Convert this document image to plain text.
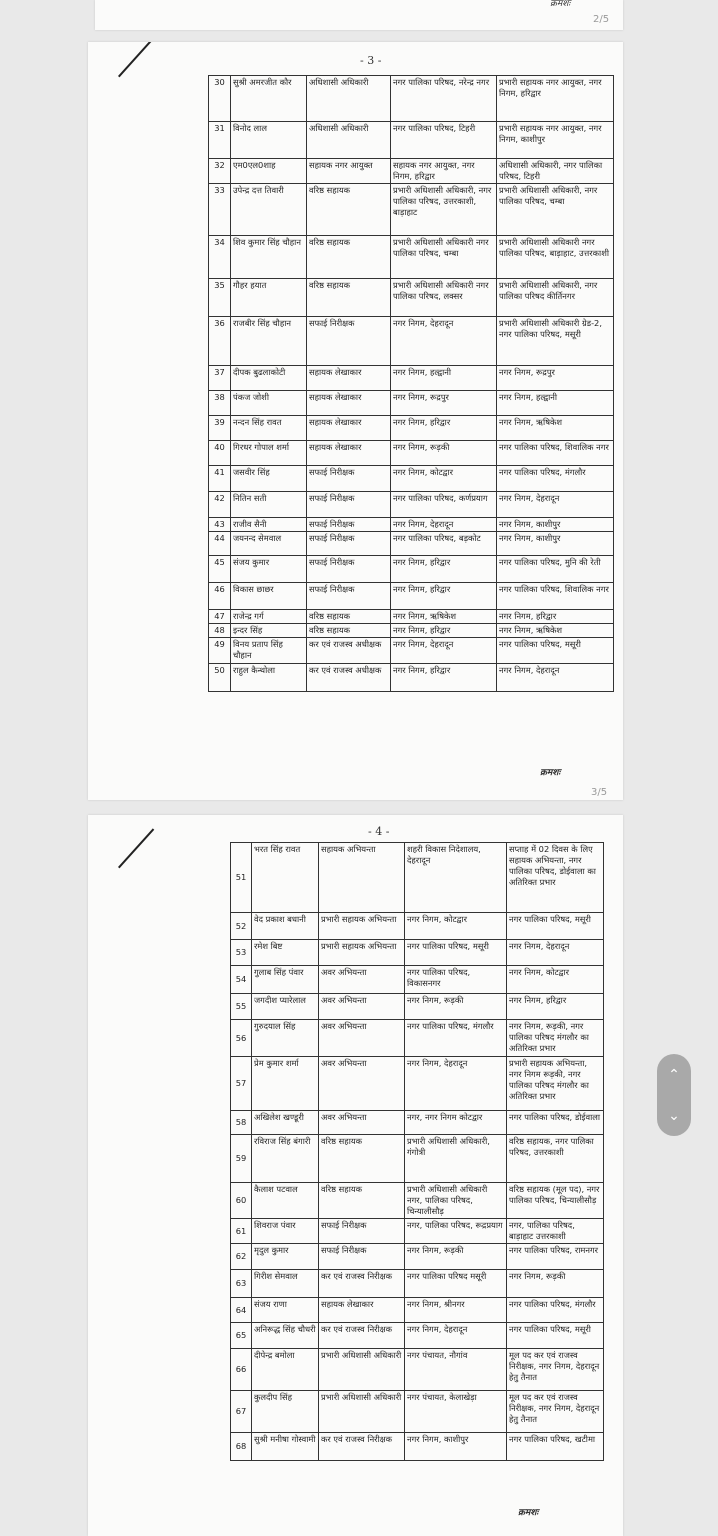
क्रमशः
2/5
- 3 -
30	सुश्री अमरजीत कौर	अधिशासी अधिकारी	नगर पालिका परिषद, नरेन्द्र नगर	प्रभारी सहायक नगर आयुक्त, नगर निगम, हरिद्वार
31	विनोद लाल	अधिशासी अधिकारी	नगर पालिका परिषद, टिहरी	प्रभारी सहायक नगर आयुक्त, नगर निगम, काशीपुर
32	एम0एल0शाह	सहायक नगर आयुक्त	सहायक नगर आयुक्त, नगर निगम, हरिद्वार	अधिशासी अधिकारी, नगर पालिका परिषद, टिहरी
33	उपेन्द्र दत्त तिवारी	वरिष्ठ सहायक	प्रभारी अधिशासी अधिकारी, नगर पालिका परिषद, उत्तरकाशी, बाड़ाहाट	प्रभारी अधिशासी अधिकारी, नगर पालिका परिषद, चम्बा
34	शिव कुमार सिंह चौहान	वरिष्ठ सहायक	प्रभारी अधिशासी अधिकारी नगर पालिका परिषद, चम्बा	प्रभारी अधिशासी अधिकारी नगर पालिका परिषद, बाड़ाहाट, उत्तरकाशी
35	गौहर हयात	वरिष्ठ सहायक	प्रभारी अधिशासी अधिकारी नगर पालिका परिषद, लक्सर	प्रभारी अधिशासी अधिकारी, नगर पालिका परिषद कीर्तिनगर
36	राजबीर सिंह चौहान	सफाई निरीक्षक	नगर निगम, देहरादून	प्रभारी अधिशासी अधिकारी ग्रेड-2, नगर पालिका परिषद, मसूरी
37	दीपक बुढलाकोटी	सहायक लेखाकार	नगर निगम, हल्द्वानी	नगर निगम, रूद्रपुर
38	पंकज जोशी	सहायक लेखाकार	नगर निगम, रूद्रपुर	नगर निगम, हल्द्वानी
39	नन्दन सिंह रावत	सहायक लेखाकार	नगर निगम, हरिद्वार	नगर निगम, ऋषिकेश
40	गिरधर गोपाल शर्मा	सहायक लेखाकार	नगर निगम, रूड़की	नगर पालिका परिषद, शिवालिक नगर
41	जसवीर सिंह	सफाई निरीक्षक	नगर निगम, कोटद्वार	नगर पालिका परिषद, मंगलौर
42	नितिन सती	सफाई निरीक्षक	नगर पालिका परिषद, कर्णप्रयाग	नगर निगम, देहरादून
43	राजीव सैनी	सफाई निरीक्षक	नगर निगम, देहरादून	नगर निगम, काशीपुर
44	जयनन्द सेमवाल	सफाई निरीक्षक	नगर पालिका परिषद, बड़कोट	नगर निगम, काशीपुर
45	संजय कुमार	सफाई निरीक्षक	नगर निगम, हरिद्वार	नगर पालिका परिषद, मुनि की रेती
46	विकास छाछर	सफाई निरीक्षक	नगर निगम, हरिद्वार	नगर पालिका परिषद, शिवालिक नगर
47	राजेन्द्र गर्ग	वरिष्ठ सहायक	नगर निगम, ऋषिकेश	नगर निगम, हरिद्वार
48	इन्दर सिंह	वरिष्ठ सहायक	नगर निगम, हरिद्वार	नगर निगम, ऋषिकेश
49	विनय प्रताप सिंह चौहान	कर एवं राजस्व अधीक्षक	नगर निगम, देहरादून	नगर पालिका परिषद, मसूरी
50	राहुल कैन्थोला	कर एवं राजस्व अधीक्षक	नगर निगम, हरिद्वार	नगर निगम, देहरादून
क्रमशः
3/5
- 4 -
51	भरत सिंह रावत	सहायक अभियन्ता	शहरी विकास निदेशालय, देहरादून	सप्ताह में 02 दिवस के लिए सहायक अभियन्ता, नगर पालिका परिषद, डोईवाला का अतिरिक्त प्रभार
52	वेद प्रकाश बधानी	प्रभारी सहायक अभियन्ता	नगर निगम, कोटद्वार	नगर पालिका परिषद, मसूरी
53	रमेश बिष्ट	प्रभारी सहायक अभियन्ता	नगर पालिका परिषद, मसूरी	नगर निगम, देहरादून
54	गुलाब सिंह पंवार	अवर अभियन्ता	नगर पालिका परिषद, विकासनगर	नगर निगम, कोटद्वार
55	जगदीश प्यारेलाल	अवर अभियन्ता	नगर निगम, रूड़की	नगर निगम, हरिद्वार
56	गुरुदयाल सिंह	अवर अभियन्ता	नगर पालिका परिषद, मंगलौर	नगर निगम, रूड़की, नगर पालिका परिषद मंगलौर का अतिरिक्त प्रभार
57	प्रेम कुमार शर्मा	अवर अभियन्ता	नगर निगम, देहरादून	प्रभारी सहायक अभियन्ता, नगर निगम रूड़की, नगर पालिका परिषद मंगलौर का अतिरिक्त प्रभार
58	अखिलेश खण्डूरी	अवर अभियन्ता	नगर, नगर निगम कोटद्वार	नगर पालिका परिषद, डोईवाला
59	रविराज सिंह बंगारी	वरिष्ठ सहायक	प्रभारी अधिशासी अधिकारी, गंगोत्री	वरिष्ठ सहायक, नगर पालिका परिषद, उत्तरकाशी
60	कैलाश पटवाल	वरिष्ठ सहायक	प्रभारी अधिशासी अधिकारी नगर, पालिका परिषद, चिन्यालीसौड़	वरिष्ठ सहायक (मूल पद), नगर पालिका परिषद, चिन्यालीसौड़
61	शिवराज पंवार	सफाई निरीक्षक	नगर, पालिका परिषद, रूद्रप्रयाग	नगर, पालिका परिषद, बाड़ाहाट उत्तरकाशी
62	मृदुल कुमार	सफाई निरीक्षक	नगर निगम, रूड़की	नगर पालिका परिषद, रामनगर
63	गिरीश सेमवाल	कर एवं राजस्व निरीक्षक	नगर पालिका परिषद मसूरी	नगर निगम, रूड़की
64	संजय राणा	सहायक लेखाकार	नगर निगम, श्रीनगर	नगर पालिका परिषद, मंगलौर
65	अनिरूद्ध सिंह चौधरी	कर एवं राजस्व निरीक्षक	नगर निगम, देहरादून	नगर पालिका परिषद, मसूरी
66	दीपेन्द्र बमोला	प्रभारी अधिशासी अधिकारी	नगर पंचायत, नौगांव	मूल पद कर एवं राजस्व निरीक्षक, नगर निगम, देहरादून हेतु तैनात
67	कुलदीप सिंह	प्रभारी अधिशासी अधिकारी	नगर पंचायत, केलाखेड़ा	मूल पद कर एवं राजस्व निरीक्षक, नगर निगम, देहरादून हेतु तैनात
68	सुश्री मनीषा गोस्वामी	कर एवं राजस्व निरीक्षक	नगर निगम, काशीपुर	नगर पालिका परिषद, खटीमा
क्रमशः
⌃
⌄
